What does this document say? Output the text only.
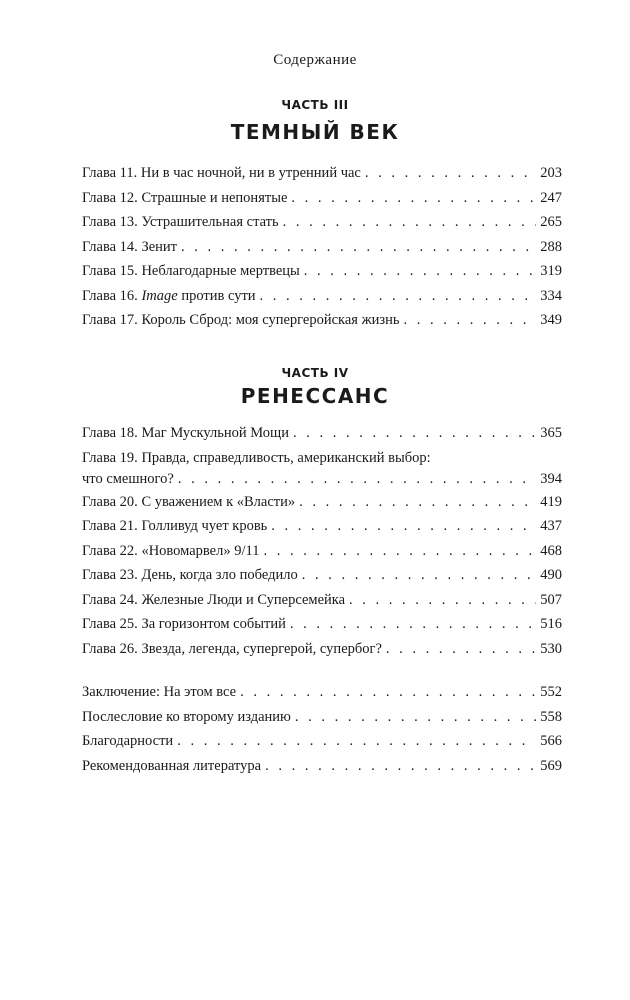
Содержание
ЧАСТЬ III
ТЕМНЫЙ ВЕК
Глава 11. Ни в час ночной, ни в утренний час . . .	203
Глава 12. Страшные и непонятые . . .	247
Глава 13. Устрашительная стать . . .	265
Глава 14. Зенит . . .	288
Глава 15. Неблагодарные мертвецы . . .	319
Глава 16. Image против сути . . .	334
Глава 17. Король Сброд: моя супергеройская жизнь . . .	349
ЧАСТЬ IV
РЕНЕССАНС
Глава 18. Маг Мускульной Мощи . . .	365
Глава 19. Правда, справедливость, американский выбор:
что смешного? . . .	394
Глава 20. С уважением к «Власти» . . .	419
Глава 21. Голливуд чует кровь . . .	437
Глава 22. «Новомарвел» 9/11 . . .	468
Глава 23. День, когда зло победило . . .	490
Глава 24. Железные Люди и Суперсемейка . . .	507
Глава 25. За горизонтом событий . . .	516
Глава 26. Звезда, легенда, супергерой, супербог? . . .	530
Заключение: На этом все . . .	552
Послесловие ко второму изданию . . .	558
Благодарности . . .	566
Рекомендованная литература . . .	569
